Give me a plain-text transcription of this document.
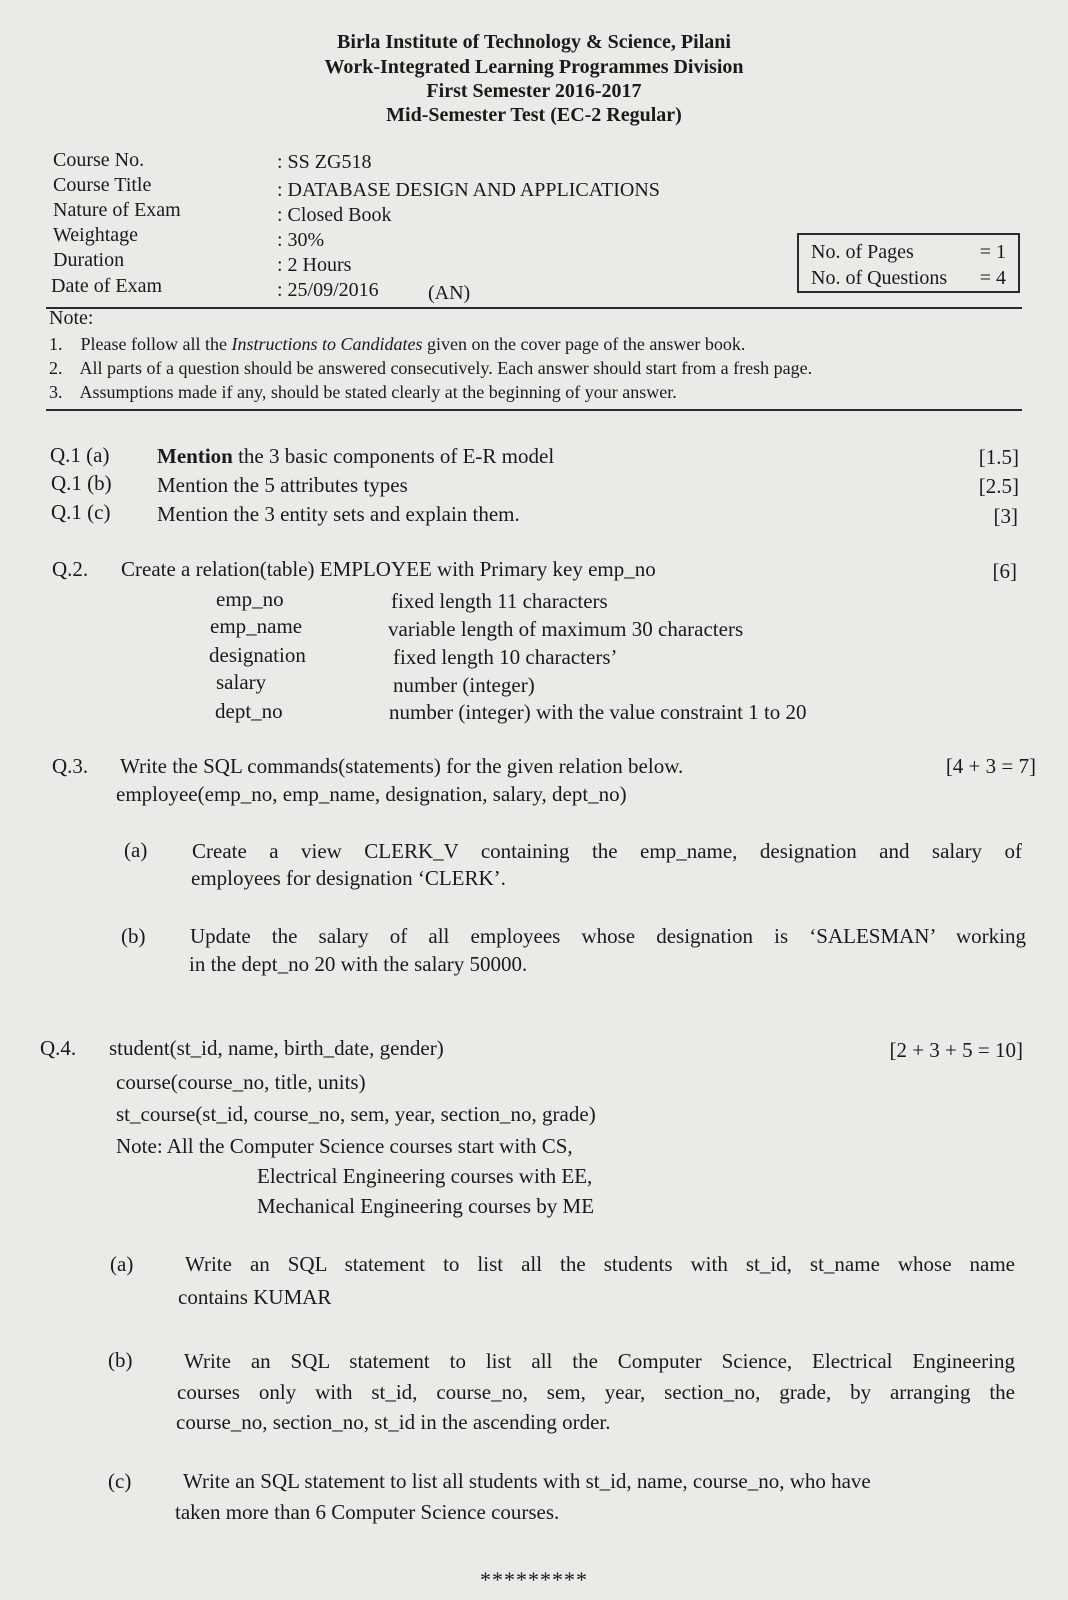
Birla Institute of Technology & Science, Pilani
Work-Integrated Learning Programmes Division
First Semester 2016-2017
Mid-Semester Test (EC-2 Regular)
Course No.	: SS ZG518
Course Title	: DATABASE DESIGN AND APPLICATIONS
Nature of Exam	: Closed Book
Weightage	: 30%
Duration	: 2 Hours
Date of Exam	: 25/09/2016 (AN)
No. of Pages	= 1
No. of Questions = 4
Note:
1. Please follow all the Instructions to Candidates given on the cover page of the answer book.
2. All parts of a question should be answered consecutively. Each answer should start from a fresh page.
3. Assumptions made if any, should be stated clearly at the beginning of your answer.
Q.1 (a) Mention the 3 basic components of E-R model	[1.5]
Q.1 (b) Mention the 5 attributes types	[2.5]
Q.1 (c) Mention the 3 entity sets and explain them.	[3]
Q.2. Create a relation(table) EMPLOYEE with Primary key emp_no	[6]
emp_no	fixed length 11 characters
emp_name	variable length of maximum 30 characters
designation	fixed length 10 characters’
salary	number (integer)
dept_no	number (integer) with the value constraint 1 to 20
Q.3. Write the SQL commands(statements) for the given relation below.	[4 + 3 = 7]
employee(emp_no, emp_name, designation, salary, dept_no)
(a) Create a view CLERK_V containing the emp_name, designation and salary of
employees for designation ‘CLERK’.
(b) Update the salary of all employees whose designation is ‘SALESMAN’ working
in the dept_no 20 with the salary 50000.
Q.4. student(st_id, name, birth_date, gender)	[2 + 3 + 5 = 10]
course(course_no, title, units)
st_course(st_id, course_no, sem, year, section_no, grade)
Note: All the Computer Science courses start with CS,
Electrical Engineering courses with EE,
Mechanical Engineering courses by ME
(a) Write an SQL statement to list all the students with st_id, st_name whose name
contains KUMAR
(b) Write an SQL statement to list all the Computer Science, Electrical Engineering
courses only with st_id, course_no, sem, year, section_no, grade, by arranging the
course_no, section_no, st_id in the ascending order.
(c) Write an SQL statement to list all students with st_id, name, course_no, who have
taken more than 6 Computer Science courses.
*********
